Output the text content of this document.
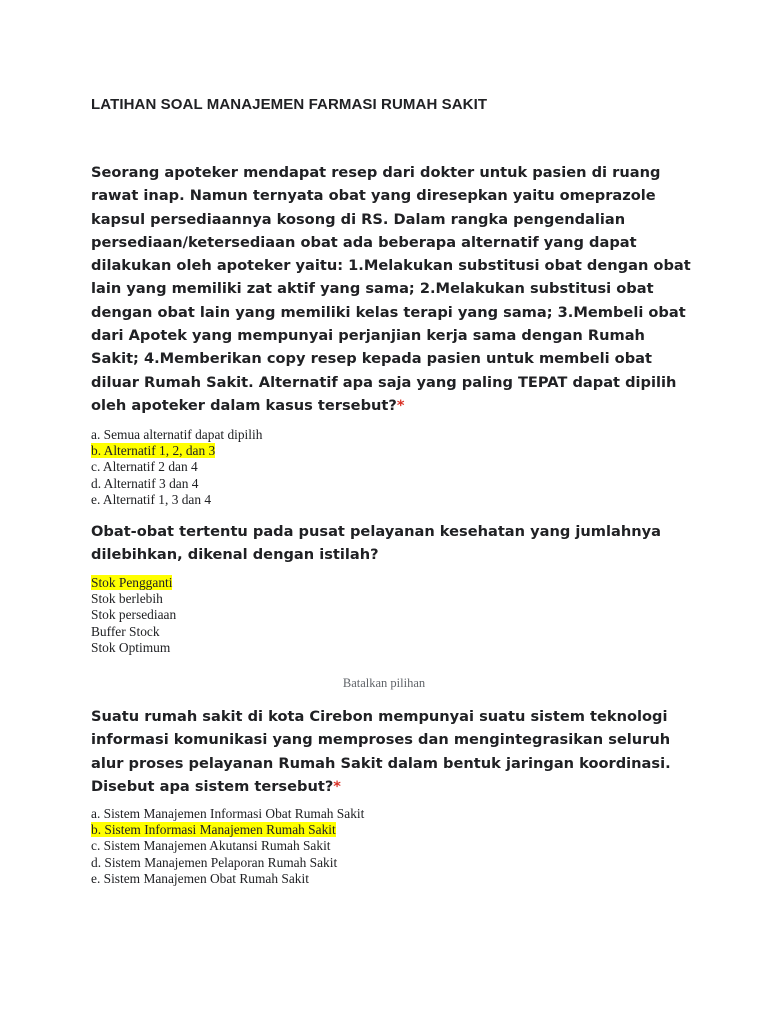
LATIHAN SOAL MANAJEMEN FARMASI RUMAH SAKIT

Seorang apoteker mendapat resep dari dokter untuk pasien di ruang rawat inap. Namun ternyata obat yang diresepkan yaitu omeprazole kapsul persediaannya kosong di RS. Dalam rangka pengendalian persediaan/ketersediaan obat ada beberapa alternatif yang dapat dilakukan oleh apoteker yaitu: 1.Melakukan substitusi obat dengan obat lain yang memiliki zat aktif yang sama; 2.Melakukan substitusi obat dengan obat lain yang memiliki kelas terapi yang sama; 3.Membeli obat dari Apotek yang mempunyai perjanjian kerja sama dengan Rumah Sakit; 4.Memberikan copy resep kepada pasien untuk membeli obat diluar Rumah Sakit. Alternatif apa saja yang paling TEPAT dapat dipilih oleh apoteker dalam kasus tersebut?*

a. Semua alternatif dapat dipilih
b. Alternatif 1, 2, dan 3
c. Alternatif 2 dan 4
d. Alternatif 3 dan 4
e. Alternatif 1, 3 dan 4

Obat-obat tertentu pada pusat pelayanan kesehatan yang jumlahnya dilebihkan, dikenal dengan istilah?

Stok Pengganti
Stok berlebih
Stok persediaan
Buffer Stock
Stok Optimum
Batalkan pilihan

Suatu rumah sakit di kota Cirebon mempunyai suatu sistem teknologi informasi komunikasi yang memproses dan mengintegrasikan seluruh alur proses pelayanan Rumah Sakit dalam bentuk jaringan koordinasi. Disebut apa sistem tersebut?*

a. Sistem Manajemen Informasi Obat Rumah Sakit
b. Sistem Informasi Manajemen Rumah Sakit
c. Sistem Manajemen Akutansi Rumah Sakit
d. Sistem Manajemen Pelaporan Rumah Sakit
e. Sistem Manajemen Obat Rumah Sakit
